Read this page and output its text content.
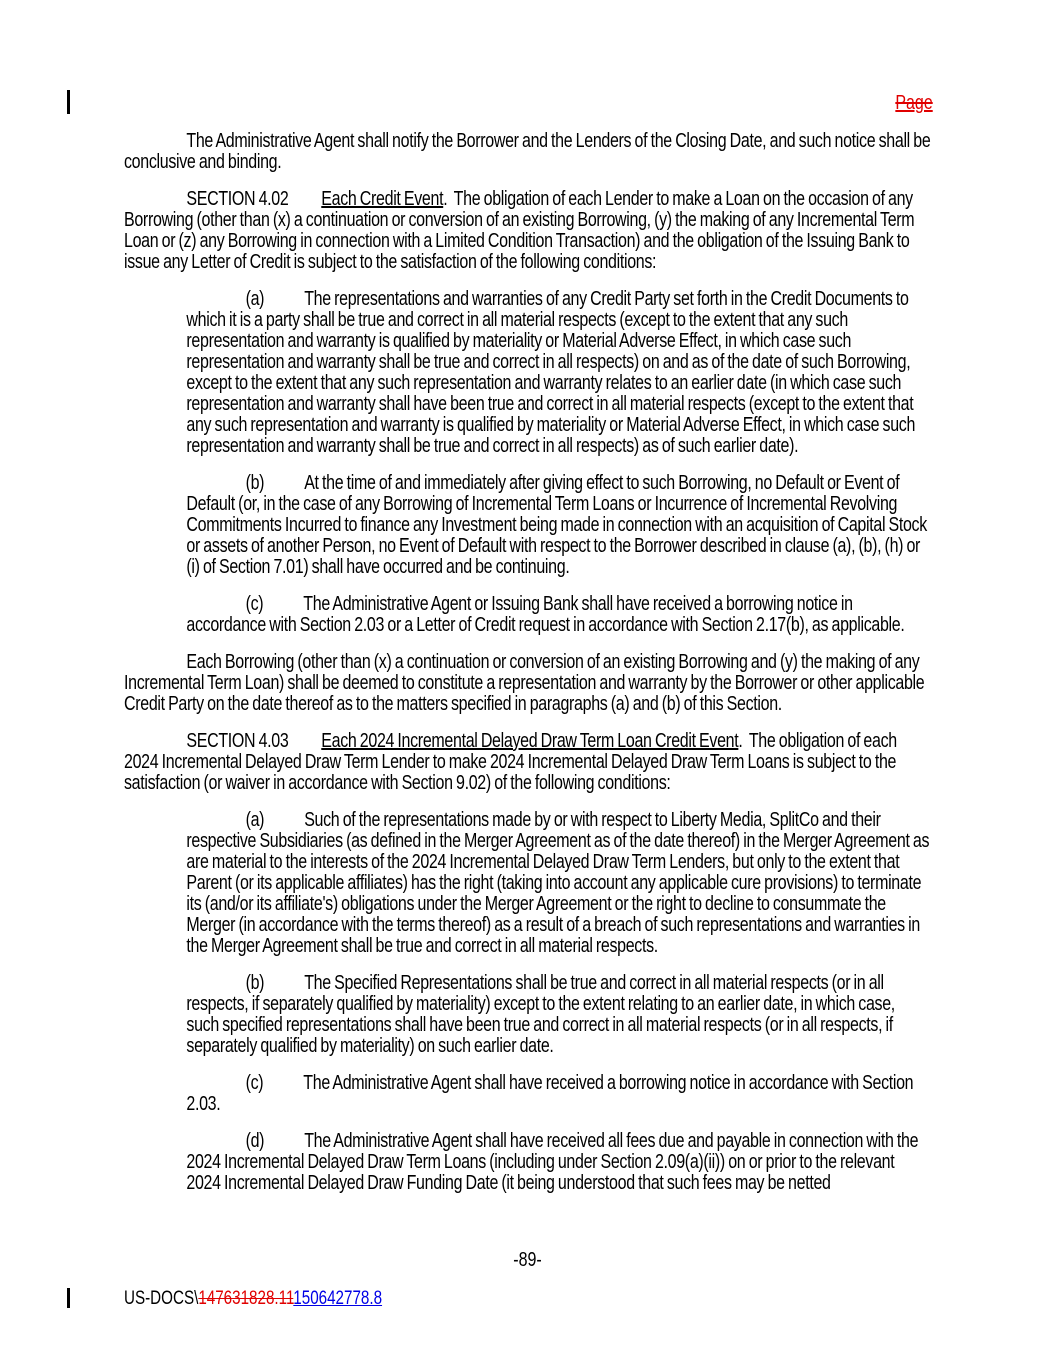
Page

The Administrative Agent shall notify the Borrower and the Lenders of the Closing Date, and such notice shall be conclusive and binding.

SECTION 4.02 Each Credit Event.  The obligation of each Lender to make a Loan on the occasion of any Borrowing (other than (x) a continuation or conversion of an existing Borrowing, (y) the making of any Incremental Term Loan or (z) any Borrowing in connection with a Limited Condition Transaction) and the obligation of the Issuing Bank to issue any Letter of Credit is subject to the satisfaction of the following conditions:

(a) The representations and warranties of any Credit Party set forth in the Credit Documents to which it is a party shall be true and correct in all material respects (except to the extent that any such representation and warranty is qualified by materiality or Material Adverse Effect, in which case such representation and warranty shall be true and correct in all respects) on and as of the date of such Borrowing, except to the extent that any such representation and warranty relates to an earlier date (in which case such representation and warranty shall have been true and correct in all material respects (except to the extent that any such representation and warranty is qualified by materiality or Material Adverse Effect, in which case such representation and warranty shall be true and correct in all respects) as of such earlier date).

(b) At the time of and immediately after giving effect to such Borrowing, no Default or Event of Default (or, in the case of any Borrowing of Incremental Term Loans or Incurrence of Incremental Revolving Commitments Incurred to finance any Investment being made in connection with an acquisition of Capital Stock or assets of another Person, no Event of Default with respect to the Borrower described in clause (a), (b), (h) or (i) of Section 7.01) shall have occurred and be continuing.

(c) The Administrative Agent or Issuing Bank shall have received a borrowing notice in accordance with Section 2.03 or a Letter of Credit request in accordance with Section 2.17(b), as applicable.

Each Borrowing (other than (x) a continuation or conversion of an existing Borrowing and (y) the making of any Incremental Term Loan) shall be deemed to constitute a representation and warranty by the Borrower or other applicable Credit Party on the date thereof as to the matters specified in paragraphs (a) and (b) of this Section.

SECTION 4.03 Each 2024 Incremental Delayed Draw Term Loan Credit Event.  The obligation of each 2024 Incremental Delayed Draw Term Lender to make 2024 Incremental Delayed Draw Term Loans is subject to the satisfaction (or waiver in accordance with Section 9.02) of the following conditions:

(a) Such of the representations made by or with respect to Liberty Media, SplitCo and their respective Subsidiaries (as defined in the Merger Agreement as of the date thereof) in the Merger Agreement as are material to the interests of the 2024 Incremental Delayed Draw Term Lenders, but only to the extent that Parent (or its applicable affiliates) has the right (taking into account any applicable cure provisions) to terminate its (and/or its affiliate's) obligations under the Merger Agreement or the right to decline to consummate the Merger (in accordance with the terms thereof) as a result of a breach of such representations and warranties in the Merger Agreement shall be true and correct in all material respects.

(b) The Specified Representations shall be true and correct in all material respects (or in all respects, if separately qualified by materiality) except to the extent relating to an earlier date, in which case, such specified representations shall have been true and correct in all material respects (or in all respects, if separately qualified by materiality) on such earlier date.

(c) The Administrative Agent shall have received a borrowing notice in accordance with Section 2.03.

(d) The Administrative Agent shall have received all fees due and payable in connection with the 2024 Incremental Delayed Draw Term Loans (including under Section 2.09(a)(ii)) on or prior to the relevant 2024 Incremental Delayed Draw Funding Date (it being understood that such fees may be netted

-89-
US-DOCS\147631828.11150642778.8
